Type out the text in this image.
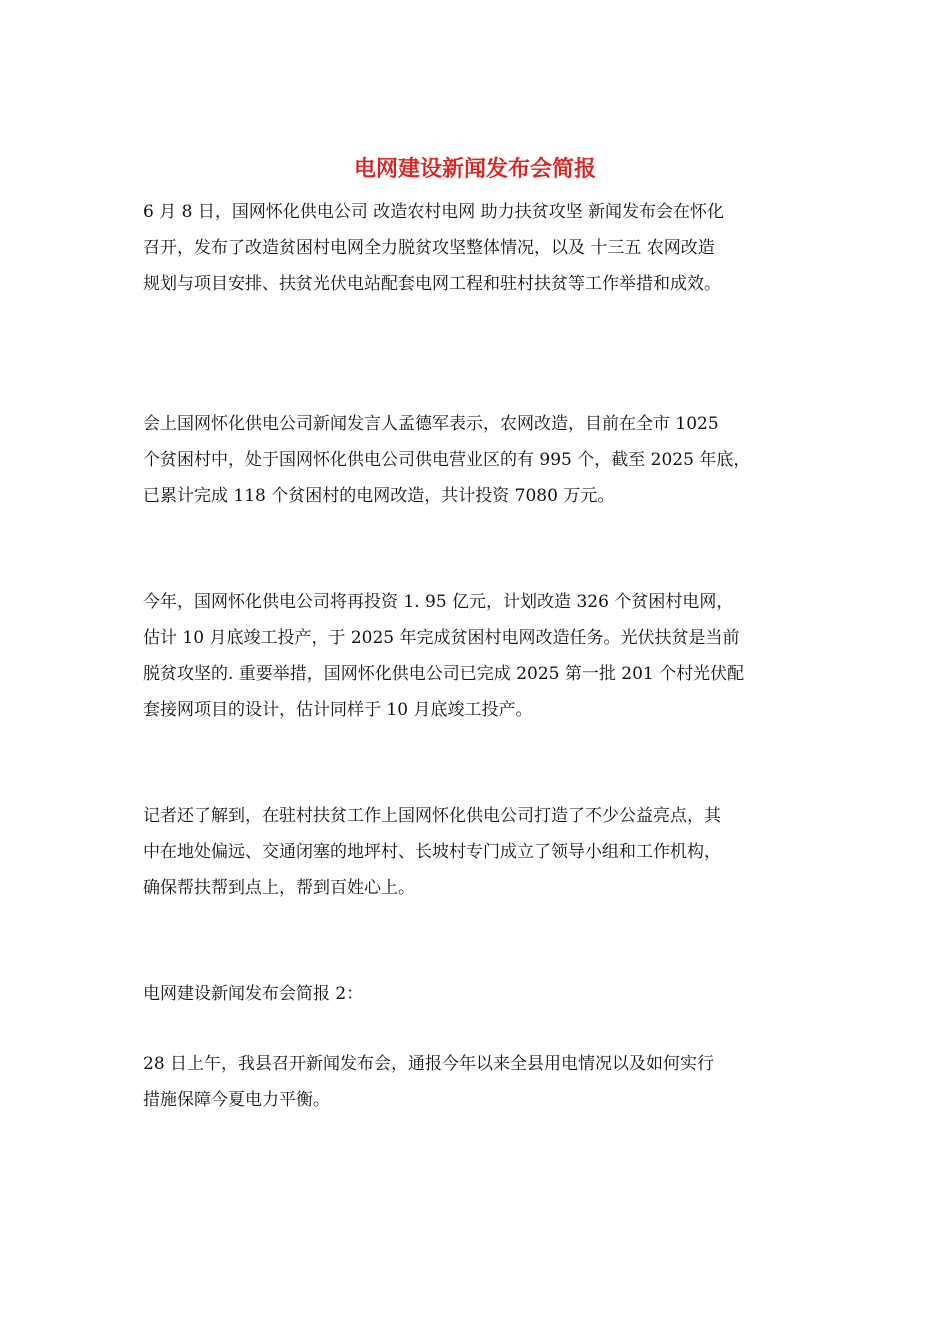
电网建设新闻发布会简报

6 月 8 日，国网怀化供电公司 改造农村电网 助力扶贫攻坚 新闻发布会在怀化
召开，发布了改造贫困村电网全力脱贫攻坚整体情况，以及 十三五 农网改造
规划与项目安排、扶贫光伏电站配套电网工程和驻村扶贫等工作举措和成效。

会上国网怀化供电公司新闻发言人孟德军表示，农网改造，目前在全市 1025
个贫困村中，处于国网怀化供电公司供电营业区的有 995 个，截至 2025 年底，
已累计完成 118 个贫困村的电网改造，共计投资 7080 万元。

今年，国网怀化供电公司将再投资 1. 95 亿元，计划改造 326 个贫困村电网，
估计 10 月底竣工投产，于 2025 年完成贫困村电网改造任务。光伏扶贫是当前
脱贫攻坚的. 重要举措，国网怀化供电公司已完成 2025 第一批 201 个村光伏配
套接网项目的设计，估计同样于 10 月底竣工投产。

记者还了解到，在驻村扶贫工作上国网怀化供电公司打造了不少公益亮点，其
中在地处偏远、交通闭塞的地坪村、长坡村专门成立了领导小组和工作机构，
确保帮扶帮到点上，帮到百姓心上。

电网建设新闻发布会简报 2：

28 日上午，我县召开新闻发布会，通报今年以来全县用电情况以及如何实行
措施保障今夏电力平衡。
